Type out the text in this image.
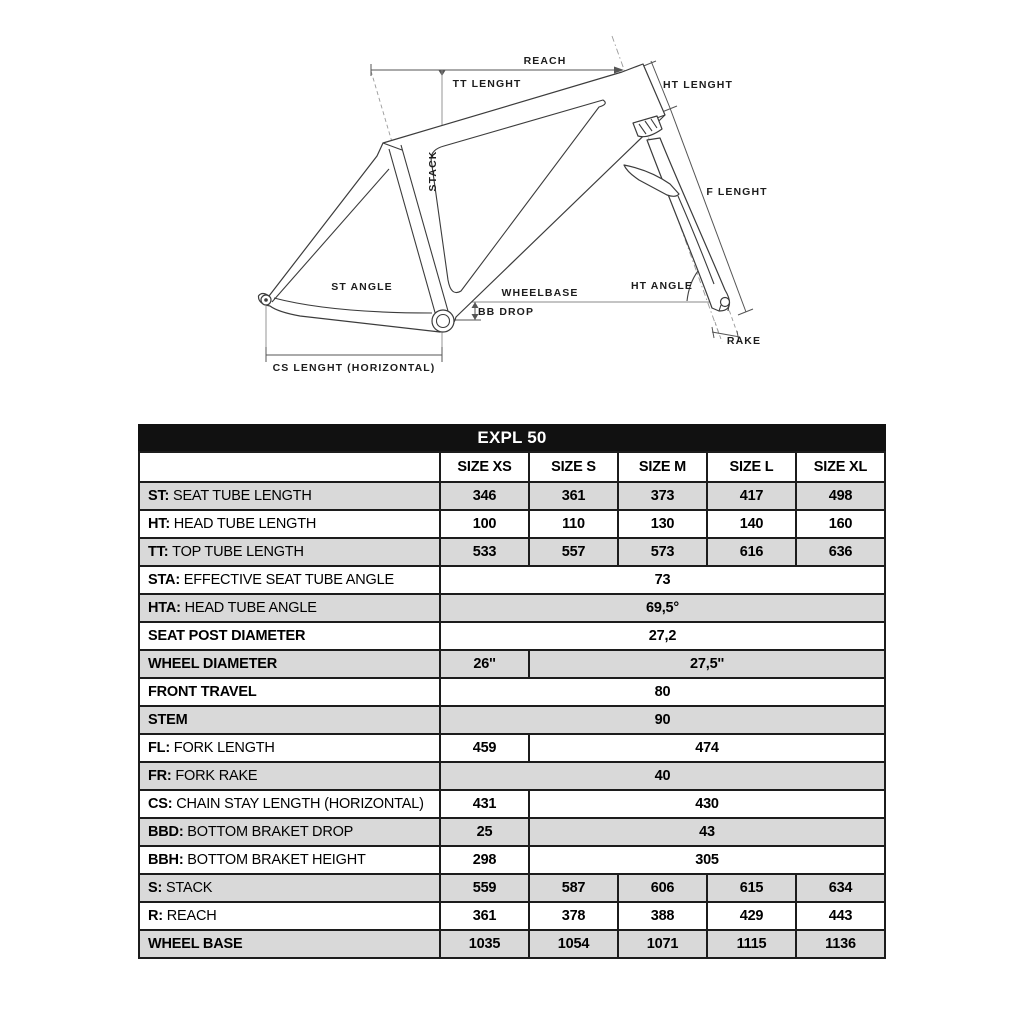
REACH
TT LENGHT	HT LENGHT
STACK
F LENGHT
ST ANGLE	WHEELBASE
BB DROP
HT ANGLE
RAKE
CS LENGHT (HORIZONTAL)
EXPL 50
	SIZE XS	SIZE S	SIZE M	SIZE L	SIZE XL
ST: SEAT TUBE LENGTH	346	361	373	417	498
HT: HEAD TUBE LENGTH	100	110	130	140	160
TT: TOP TUBE LENGTH	533	557	573	616	636
STA: EFFECTIVE SEAT TUBE ANGLE	73				
HTA: HEAD TUBE ANGLE	69,5°				
SEAT POST DIAMETER	27,2				
WHEEL DIAMETER	26''	27,5''			
FRONT TRAVEL	80				
STEM	90				
FL: FORK LENGTH	459	474			
FR: FORK RAKE	40				
CS: CHAIN STAY LENGTH (HORIZONTAL)	431	430			
BBD: BOTTOM BRAKET DROP	25	43			
BBH: BOTTOM BRAKET HEIGHT	298	305			
S: STACK	559	587	606	615	634
R: REACH	361	378	388	429	443
WHEEL BASE	1035	1054	1071	1115	1136
